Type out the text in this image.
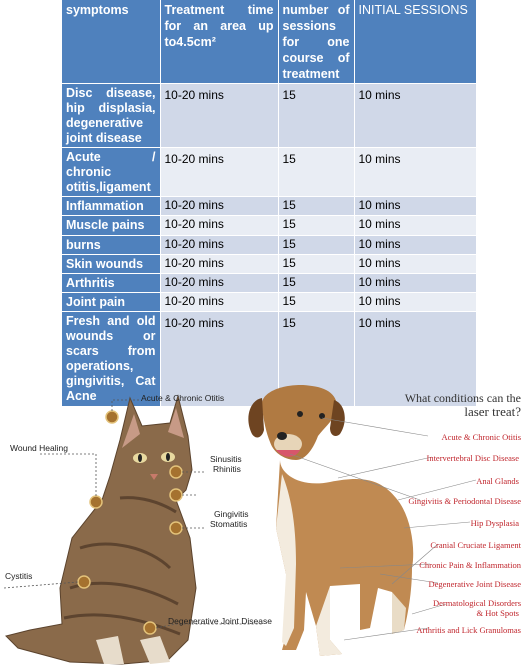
symptoms	Treatment time for an area up to4.5cm²	number of sessions for one course of treatment	INITIAL SESSIONS
Disc disease, hip displasia, degenerative joint disease	10-20 mins	15	10 mins
Acute / chronic otitis,ligament	10-20 mins	15	10 mins
Inflammation	10-20 mins	15	10 mins
Muscle pains	10-20 mins	15	10 mins
burns	10-20 mins	15	10 mins
Skin wounds	10-20 mins	15	10 mins
Arthritis	10-20 mins	15	10 mins
Joint pain	10-20 mins	15	10 mins
Fresh and old wounds or scars from operations, gingivitis, Cat Acne	10-20 mins	15	10 mins
Acute & Chronic Otitis
Wound Healing
Sinusitis
Rhinitis
Gingivitis
Stomatitis
Cystitis
Degenerative Joint Disease
What conditions can the
laser treat?
Acute & Chronic Otitis
Intervertebral Disc Disease
Anal Glands
Gingivitis & Periodontal Disease
Hip Dysplasia
Cranial Cruciate Ligament
Chronic Pain & Inflammation
Degenerative Joint Disease
Dermatological Disorders
& Hot Spots
Arthritis and Lick Granulomas
